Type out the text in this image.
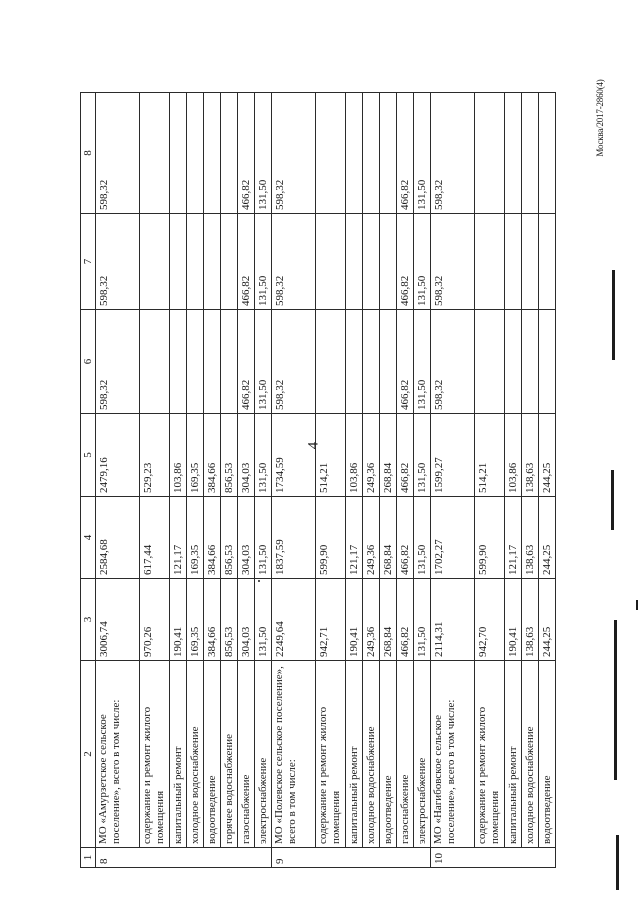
4
Москва/2017-2860(4)
1	2	3	4	5	6	7	8
8	МО «Амурзетское сельское поселение», всего в том числе:	3006,74	2584,68	2479,16	598,32	598,32	598,32
	содержание и ремонт жилого помещения	970,26	617,44	529,23			
	капитальный ремонт	190,41	121,17	103,86			
	холодное водоснабжение	169,35	169,35	169,35			
	водоотведение	384,66	384,66	384,66			
	горячее водоснабжение	856,53	856,53	856,53			
	газоснабжение	304,03	304,03	304,03	466,82	466,82	466,82
	электроснабжение	131,50	131,50	131,50	131,50	131,50	131,50
9	МО «Полевское сельское поселение», всего в том числе:	2249,64	1837,59	1734,59	598,32	598,32	598,32
	содержание и ремонт жилого помещения	942,71	599,90	514,21			
	капитальный ремонт	190,41	121,17	103,86			
	холодное водоснабжение	249,36	249,36	249,36			
	водоотведение	268,84	268,84	268,84			
	газоснабжение	466,82	466,82	466,82	466,82	466,82	466,82
	электроснабжение	131,50	131,50	131,50	131,50	131,50	131,50
10	МО «Нагибовское сельское поселение», всего в том числе:	2114,31	1702,27	1599,27	598,32	598,32	598,32
	содержание и ремонт жилого помещения	942,70	599,90	514,21			
	капитальный ремонт	190,41	121,17	103,86			
	холодное водоснабжение	138,63	138,63	138,63			
	водоотведение	244,25	244,25	244,25			
